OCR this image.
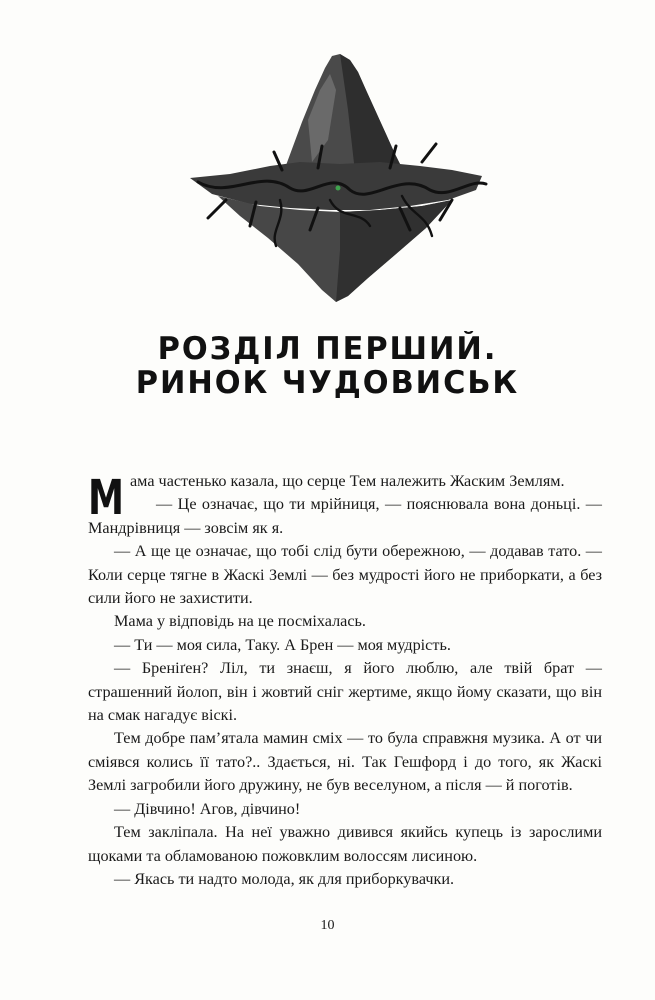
РОЗДІЛ ПЕРШИЙ.
РИНОК ЧУДОВИСЬК

М ама частенько казала, що серце Тем належить Жаским Землям.

— Це означає, що ти мрійниця, — пояснювала вона доньці. — Мандрівниця — зовсім як я.

— А ще це означає, що тобі слід бути обережною, — додавав тато. — Коли серце тягне в Жаскі Землі — без мудрості його не приборкати, а без сили його не захистити.

Мама у відповідь на це посміхалась.

— Ти — моя сила, Таку. А Брен — моя мудрість.

— Бреніґен? Ліл, ти знаєш, я його люблю, але твій брат — страшенний йолоп, він і жовтий сніг жертиме, якщо йому сказати, що він на смак нагадує віскі.

Тем добре пам’ятала мамин сміх — то була справжня музика. А от чи сміявся колись її тато?.. Здається, ні. Так Гешфорд і до того, як Жаскі Землі загробили його дружину, не був веселуном, а після — й поготів.

— Дівчино! Агов, дівчино!

Тем закліпала. На неї уважно дивився якийсь купець із зарослими щоками та обламованою пожовклим волоссям лисиною.

— Якась ти надто молода, як для приборкувачки.

10
